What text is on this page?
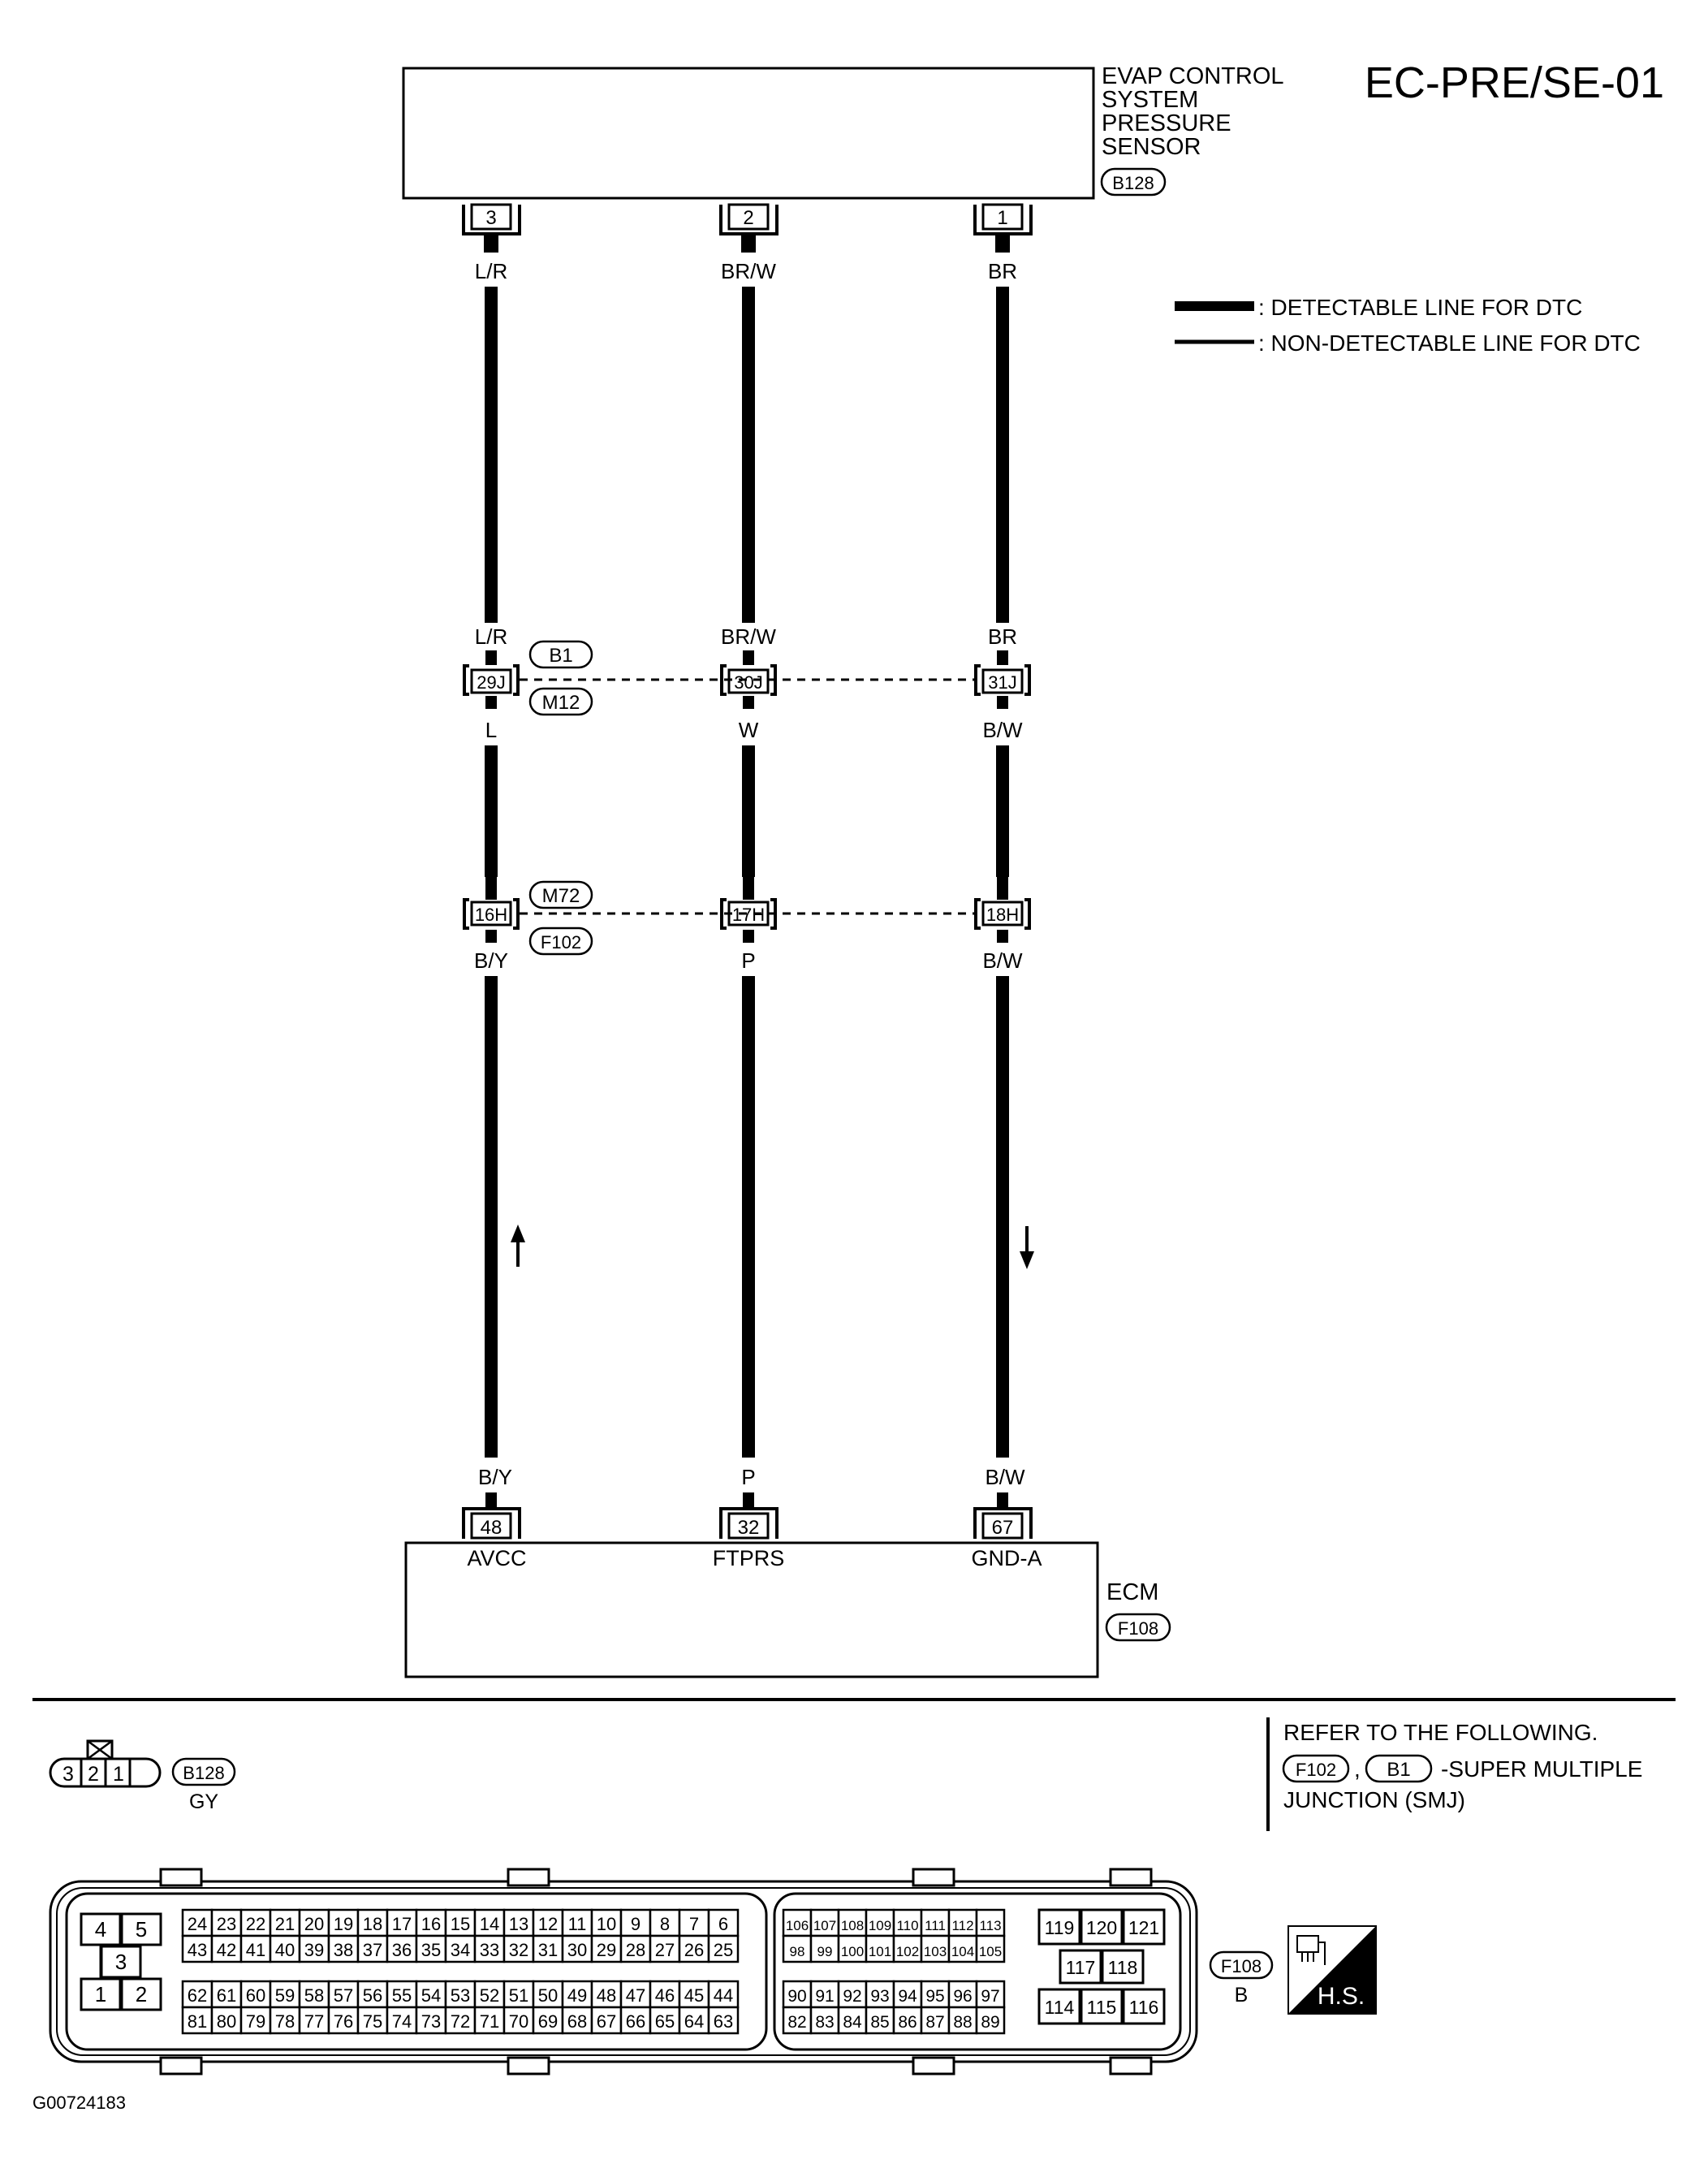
EC-PRE/SE-01
EVAP CONTROL
SYSTEM
PRESSURE
SENSOR
B128
: DETECTABLE LINE FOR DTC
: NON-DETECTABLE LINE FOR DTC
3
L/R
L/R
29J
L
16H
B/Y
B/Y
48
AVCC
2
BR/W
BR/W
30J
W
17H
P
P
32
FTPRS
1
BR
BR
31J
B/W
18H
B/W
B/W
67
GND-A
B1
M12
M72
F102
ECM
F108
3 2 1	B128
GY
REFER TO THE FOLLOWING.
F102 , B1 -SUPER MULTIPLE
JUNCTION (SMJ)
4 5
3
1 2
119 120 121
117 118
114 115 116
24 23 22 21 20 19 18 17 16 15 14 13 12 11 10 9 8 7 6
43 42 41 40 39 38 37 36 35 34 33 32 31 30 29 28 27 26 25
62 61 60 59 58 57 56 55 54 53 52 51 50 49 48 47 46 45 44
81 80 79 78 77 76 75 74 73 72 71 70 69 68 67 66 65 64 63
106 107 108 109 110 111 112 113
98 99 100 101 102 103 104 105
90 91 92 93 94 95 96 97
82 83 84 85 86 87 88 89
F108
B	H.S.
G00724183
